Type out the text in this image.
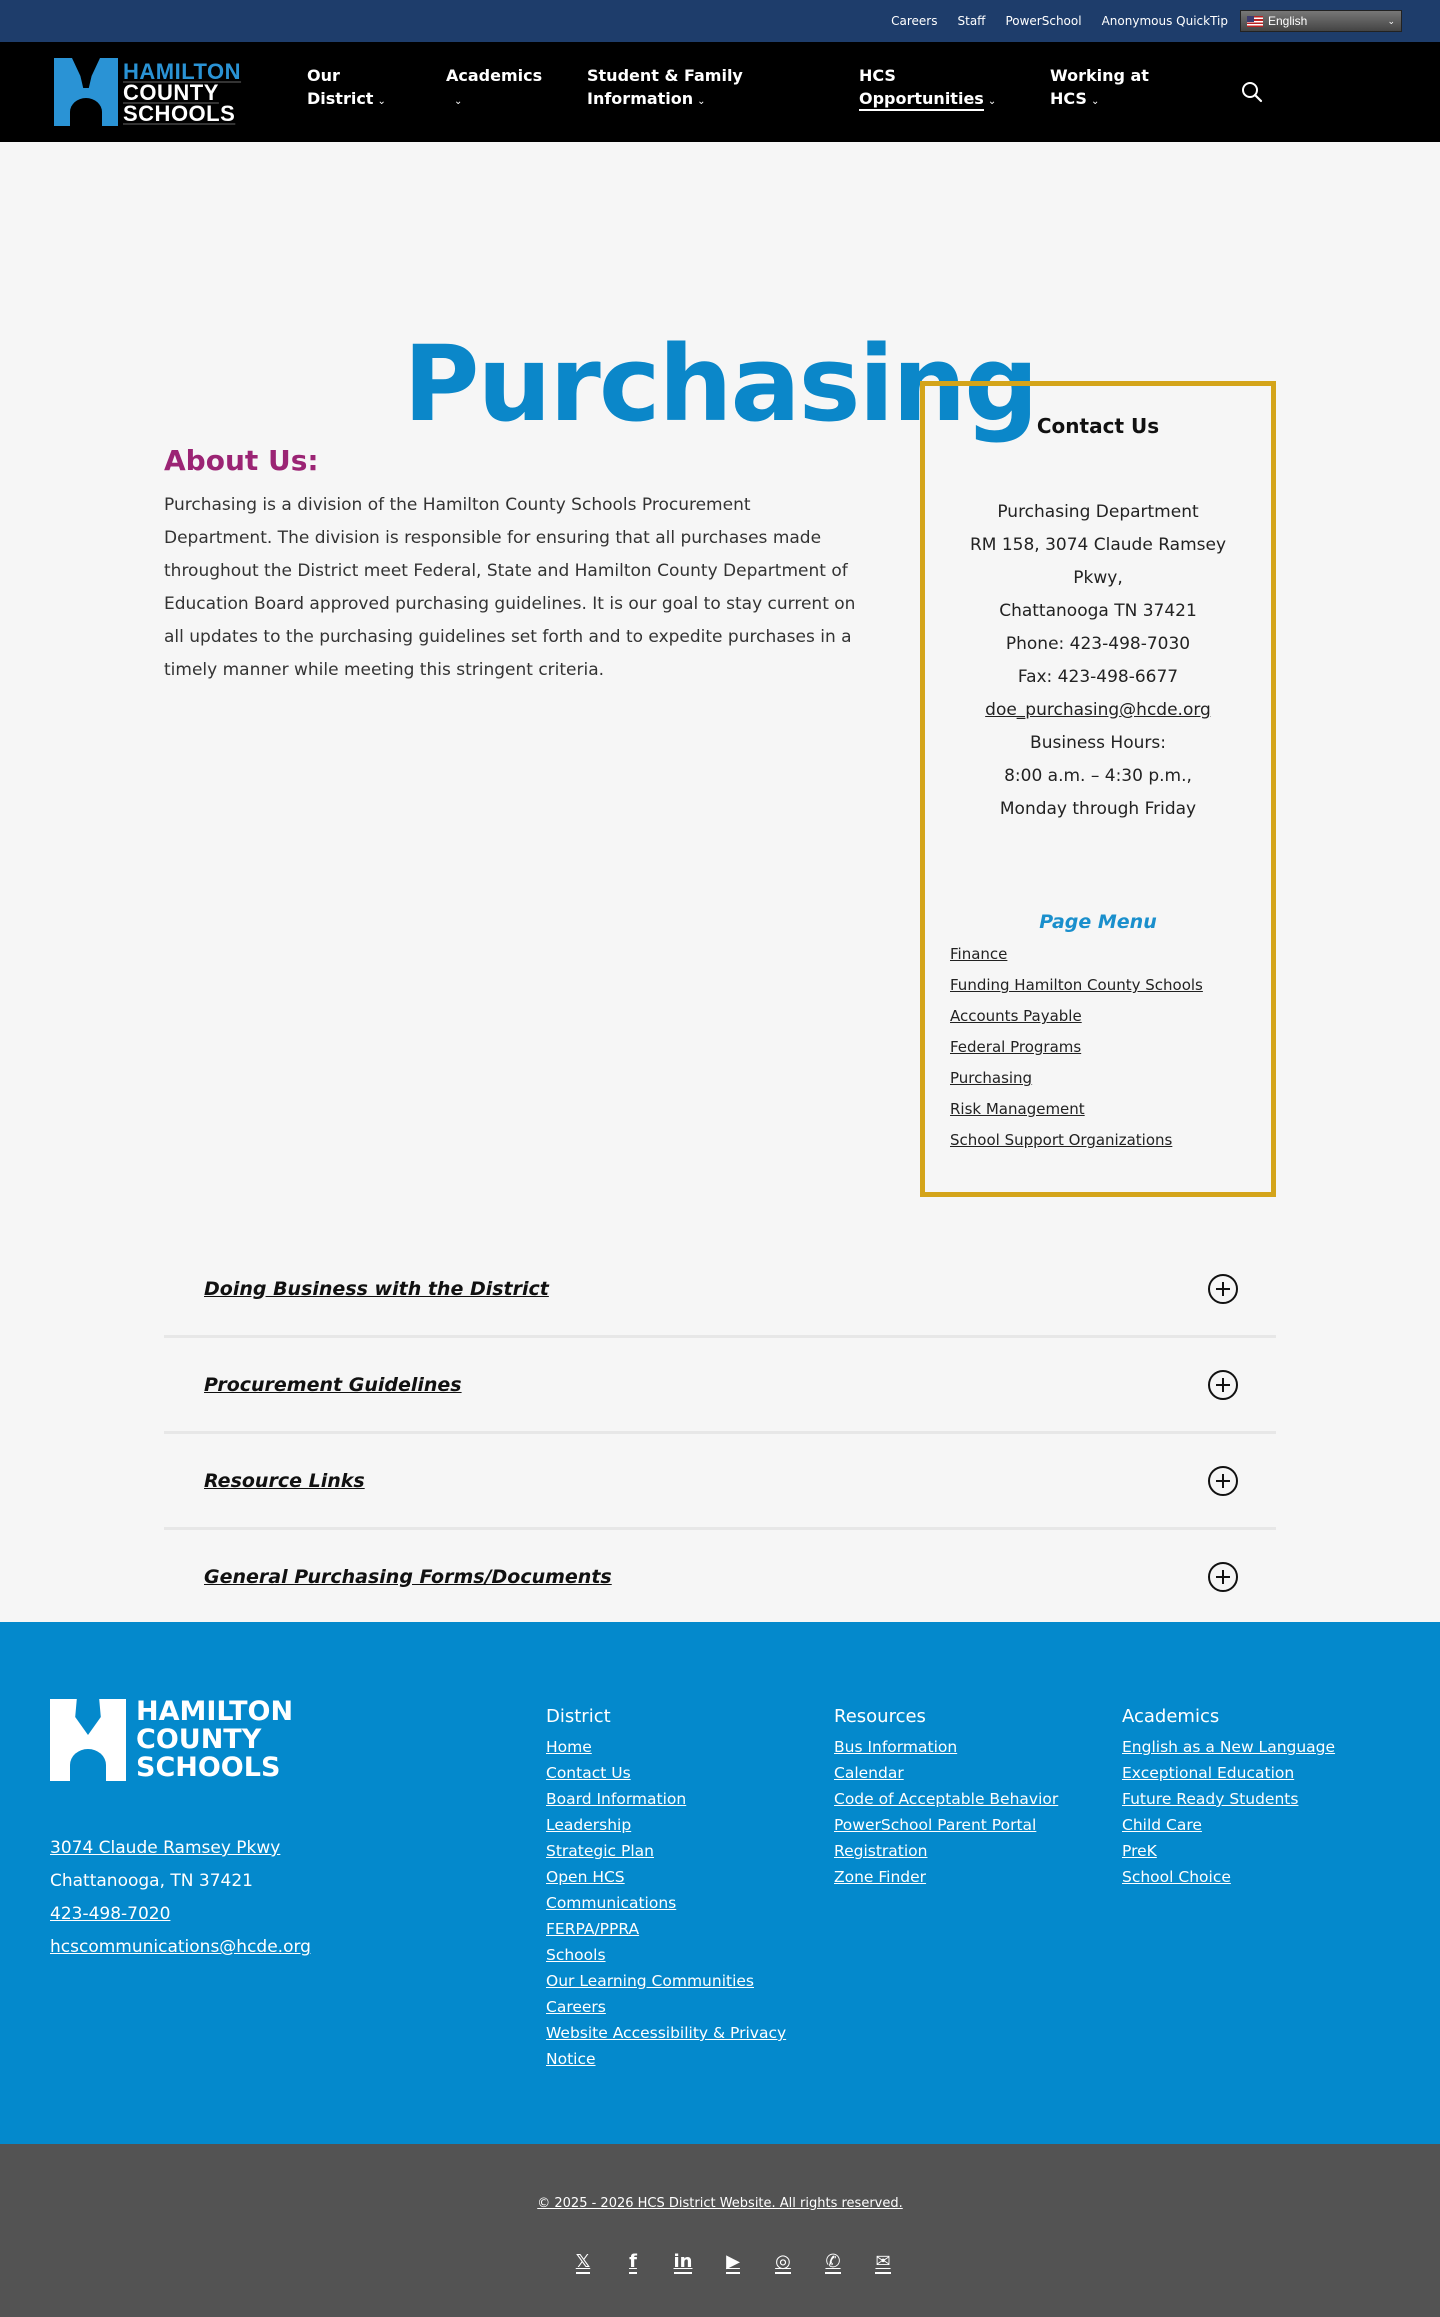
Careers Staff PowerSchool Anonymous QuickTip	English	⌄
HAMILTON
COUNTY
SCHOOLS
Our
District ⌄
Academics
⌄
Student & Family
Information ⌄
HCS
Opportunities ⌄
Working at
HCS ⌄
Purchasing
About Us:

Purchasing is a division of the Hamilton County Schools Procurement Department. The division is responsible for ensuring that all purchases made throughout the District meet Federal, State and Hamilton County Department of Education Board approved purchasing guidelines. It is our goal to stay current on all updates to the purchasing guidelines set forth and to expedite purchases in a timely manner while meeting this stringent criteria.

Contact Us
Purchasing Department
RM 158, 3074 Claude Ramsey
Pkwy,
Chattanooga TN 37421
Phone: 423-498-7030
Fax: 423-498-6677
doe_purchasing@hcde.org
Business Hours:
8:00 a.m. – 4:30 p.m.,
Monday through Friday
Page Menu
Finance
Funding Hamilton County Schools
Accounts Payable
Federal Programs
Purchasing
Risk Management
School Support Organizations
Doing Business with the District
Procurement Guidelines
Resource Links
General Purchasing Forms/Documents
HAMILTON
COUNTY
SCHOOLS
3074 Claude Ramsey Pkwy
Chattanooga, TN 37421
423-498-7020
hcscommunications@hcde.org
District
Home
Contact Us
Board Information
Leadership
Strategic Plan
Open HCS
Communications
FERPA/PPRA
Schools
Our Learning Communities
Careers
Website Accessibility & Privacy Notice
Resources
Bus Information
Calendar
Code of Acceptable Behavior
PowerSchool Parent Portal
Registration
Zone Finder
Academics
English as a New Language
Exceptional Education
Future Ready Students
Child Care
PreK
School Choice
© 2025 - 2026 HCS District Website. All rights reserved.
𝕏 f in ▶ ◎ ✆ ✉
